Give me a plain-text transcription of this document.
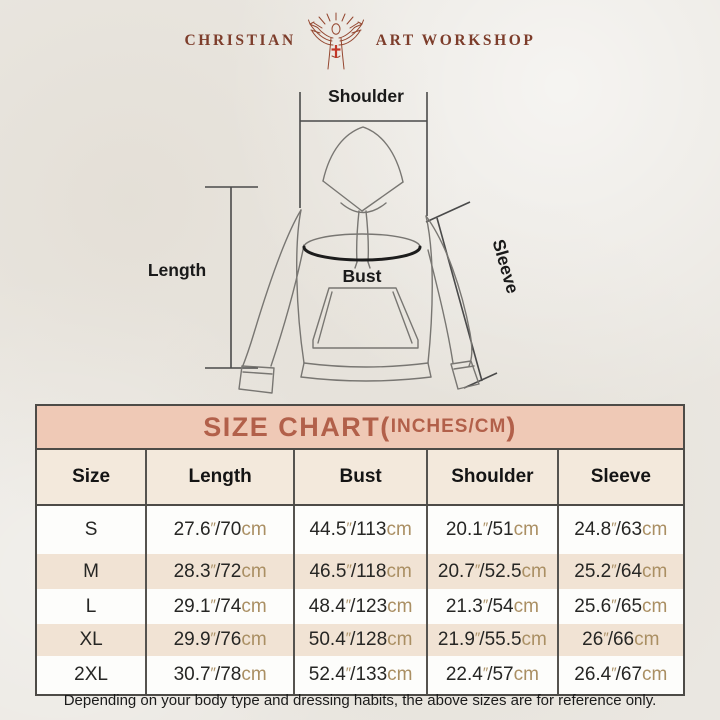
CHRISTIAN	ART WORKSHOP
Shoulder
Length	Bust	Sleeve
SIZE CHART( INCHES/CM )
Size	Length	Bust	Shoulder	Sleeve
S	27.6″/70cm	44.5″/113cm	20.1″/51cm	24.8″/63cm
M	28.3″/72cm	46.5″/118cm	20.7″/52.5cm	25.2″/64cm
L	29.1″/74cm	48.4″/123cm	21.3″/54cm	25.6″/65cm
XL	29.9″/76cm	50.4″/128cm	21.9″/55.5cm	26″/66cm
2XL	30.7″/78cm	52.4″/133cm	22.4″/57cm	26.4″/67cm
Depending on your body type and dressing habits, the above sizes are for reference only.
